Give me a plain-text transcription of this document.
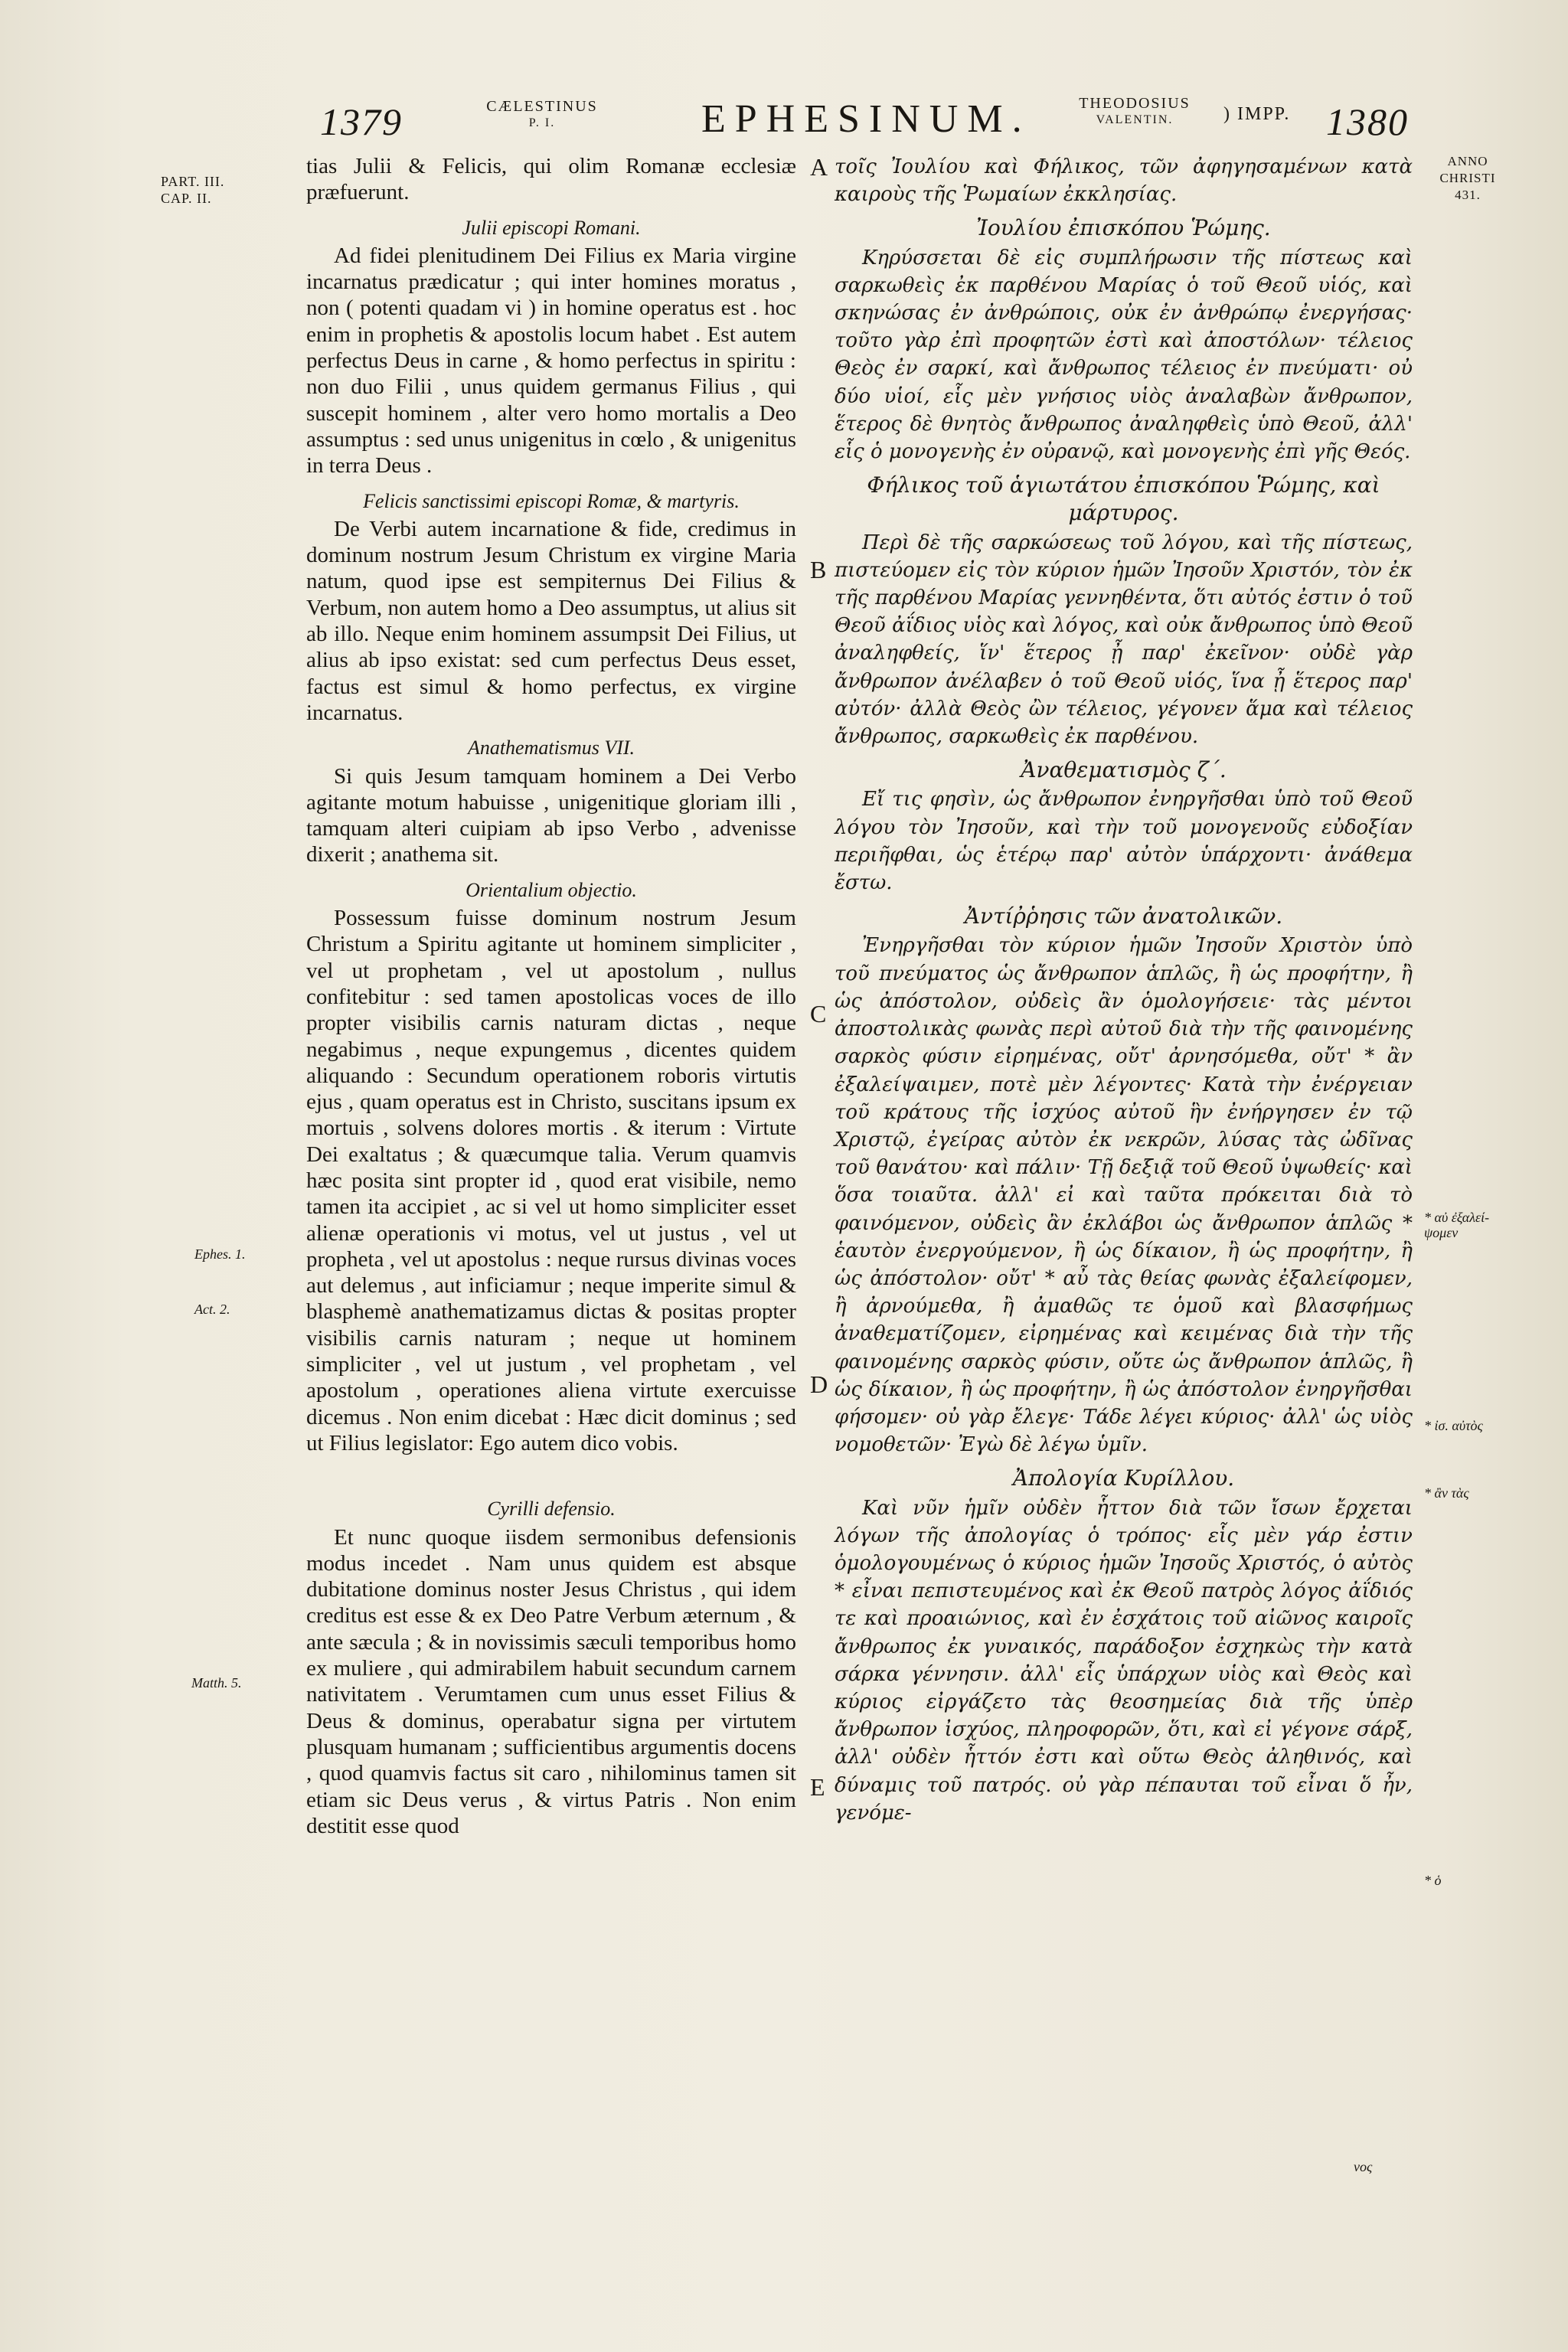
1379	CÆLESTINUS
P. I.	EPHESINUM.	THEODOSIUS
VALENTIN.	) IMPP. 1380
PART. III.
CAP. II.
ANNO
CHRISTI
431.
A
B
C
D
E
Ephes. 1.
Act. 2.
Matth. 5.
* αὐ ἐξαλεί-
ψομεν
* ἰσ. αὐτὸς
* ἂν τὰς
* ὁ

tias Julii & Felicis, qui olim Romanæ ecclesiæ præfuerunt.

Julii episcopi Romani.

Ad fidei plenitudinem Dei Filius ex Maria virgine incarnatus prædicatur ; qui inter homines moratus , non ( potenti quadam vi ) in homine operatus est . hoc enim in prophetis & apostolis locum habet . Est autem perfectus Deus in carne , & homo perfectus in spiritu : non duo Filii , unus quidem germanus Filius , qui suscepit hominem , alter vero homo mortalis a Deo assumptus : sed unus unigenitus in cœlo , & unigenitus in terra Deus .

Felicis sanctissimi episcopi Romæ, & martyris.

De Verbi autem incarnatione & fide, credimus in dominum nostrum Jesum Christum ex virgine Maria natum, quod ipse est sempiternus Dei Filius & Verbum, non autem homo a Deo assumptus, ut alius sit ab illo. Neque enim hominem assumpsit Dei Filius, ut alius ab ipso existat: sed cum perfectus Deus esset, factus est simul & homo perfectus, ex virgine incarnatus.

Anathematismus VII.

Si quis Jesum tamquam hominem a Dei Verbo agitante motum habuisse , unigenitique gloriam illi , tamquam alteri cuipiam ab ipso Verbo , advenisse dixerit ; anathema sit.

Orientalium objectio.

Possessum fuisse dominum nostrum Jesum Christum a Spiritu agitante ut hominem simpliciter , vel ut prophetam , vel ut apostolum , nullus confitebitur : sed tamen apostolicas voces de illo propter visibilis carnis naturam dictas , neque negabimus , neque expungemus , dicentes quidem aliquando : Secundum operationem roboris virtutis ejus , quam operatus est in Christo, suscitans ipsum ex mortuis , solvens dolores mortis . & iterum : Virtute Dei exaltatus ; & quæcumque talia. Verum quamvis hæc posita sint propter id , quod erat visibile, nemo tamen ita accipiet , ac si vel ut homo simpliciter esset alienæ operationis vi motus, vel ut justus , vel ut propheta , vel ut apostolus : neque rursus divinas voces aut delemus , aut inficiamur ; neque imperite simul & blasphemè anathematizamus dictas & positas propter visibilis carnis naturam ; neque ut hominem simpliciter , vel ut justum , vel prophetam , vel apostolum , operationes aliena virtute exercuisse dicemus . Non enim dicebat : Hæc dicit dominus ; sed ut Filius legislator: Ego autem dico vobis.

Cyrilli defensio.

Et nunc quoque iisdem sermonibus defensionis modus incedet . Nam unus quidem est absque dubitatione dominus noster Jesus Christus , qui idem creditus est esse & ex Deo Patre Verbum æternum , & ante sæcula ; & in novissimis sæculi temporibus homo ex muliere , qui admirabilem habuit secundum carnem nativitatem . Verumtamen cum unus esset Filius & Deus & dominus, operabatur signa per virtutem plusquam humanam ; sufficientibus argumentis docens , quod quamvis factus sit caro , nihilominus tamen sit etiam sic Deus verus , & virtus Patris . Non enim destitit esse quod

τοῖς Ἰουλίου καὶ Φήλικος, τῶν ἀφηγησαμένων κατὰ καιροὺς τῆς Ῥωμαίων ἐκκλησίας.

Ἰουλίου ἐπισκόπου Ῥώμης.

Κηρύσσεται δὲ εἰς συμπλήρωσιν τῆς πίστεως καὶ σαρκωθεὶς ἐκ παρθένου Μαρίας ὁ τοῦ Θεοῦ υἱός, καὶ σκηνώσας ἐν ἀνθρώποις, οὐκ ἐν ἀνθρώπῳ ἐνεργήσας· τοῦτο γὰρ ἐπὶ προφητῶν ἐστὶ καὶ ἀποστόλων· τέλειος Θεὸς ἐν σαρκί, καὶ ἄνθρωπος τέλειος ἐν πνεύματι· οὐ δύο υἱοί, εἷς μὲν γνήσιος υἱὸς ἀναλαβὼν ἄνθρωπον, ἕτερος δὲ θνητὸς ἄνθρωπος ἀναληφθεὶς ὑπὸ Θεοῦ, ἀλλ' εἷς ὁ μονογενὴς ἐν οὐρανῷ, καὶ μονογενὴς ἐπὶ γῆς Θεός.

Φήλικος τοῦ ἁγιωτάτου ἐπισκόπου Ῥώμης, καὶ μάρτυρος.

Περὶ δὲ τῆς σαρκώσεως τοῦ λόγου, καὶ τῆς πίστεως, πιστεύομεν εἰς τὸν κύριον ἡμῶν Ἰησοῦν Χριστόν, τὸν ἐκ τῆς παρθένου Μαρίας γεννηθέντα, ὅτι αὐτός ἐστιν ὁ τοῦ Θεοῦ ἀΐδιος υἱὸς καὶ λόγος, καὶ οὐκ ἄνθρωπος ὑπὸ Θεοῦ ἀναληφθείς, ἵν' ἕτερος ᾖ παρ' ἐκεῖνον· οὐδὲ γὰρ ἄνθρωπον ἀνέλαβεν ὁ τοῦ Θεοῦ υἱός, ἵνα ᾖ ἕτερος παρ' αὐτόν· ἀλλὰ Θεὸς ὢν τέλειος, γέγονεν ἅμα καὶ τέλειος ἄνθρωπος, σαρκωθεὶς ἐκ παρθένου.

Ἀναθεματισμὸς ζ΄.

Εἴ τις φησὶν, ὡς ἄνθρωπον ἐνηργῆσθαι ὑπὸ τοῦ Θεοῦ λόγου τὸν Ἰησοῦν, καὶ τὴν τοῦ μονογενοῦς εὐδοξίαν περιῆφθαι, ὡς ἑτέρῳ παρ' αὐτὸν ὑπάρχοντι· ἀνάθεμα ἔστω.

Ἀντίῤῥησις τῶν ἀνατολικῶν.

Ἐνηργῆσθαι τὸν κύριον ἡμῶν Ἰησοῦν Χριστὸν ὑπὸ τοῦ πνεύματος ὡς ἄνθρωπον ἁπλῶς, ἢ ὡς προφήτην, ἢ ὡς ἀπόστολον, οὐδεὶς ἂν ὁμολογήσειε· τὰς μέντοι ἀποστολικὰς φωνὰς περὶ αὐτοῦ διὰ τὴν τῆς φαινομένης σαρκὸς φύσιν εἰρημένας, οὔτ' ἀρνησόμεθα, οὔτ' * ἂν ἐξαλείψαιμεν, ποτὲ μὲν λέγοντες· Κατὰ τὴν ἐνέργειαν τοῦ κράτους τῆς ἰσχύος αὐτοῦ ἣν ἐνήργησεν ἐν τῷ Χριστῷ, ἐγείρας αὐτὸν ἐκ νεκρῶν, λύσας τὰς ὠδῖνας τοῦ θανάτου· καὶ πάλιν· Τῇ δεξιᾷ τοῦ Θεοῦ ὑψωθείς· καὶ ὅσα τοιαῦτα. ἀλλ' εἰ καὶ ταῦτα πρόκειται διὰ τὸ φαινόμενον, οὐδεὶς ἂν ἐκλάβοι ὡς ἄνθρωπον ἁπλῶς * ἑαυτὸν ἐνεργούμενον, ἢ ὡς δίκαιον, ἢ ὡς προφήτην, ἢ ὡς ἀπόστολον· οὔτ' * αὖ τὰς θείας φωνὰς ἐξαλείφομεν, ἢ ἀρνούμεθα, ἢ ἀμαθῶς τε ὁμοῦ καὶ βλασφήμως ἀναθεματίζομεν, εἰρημένας καὶ κειμένας διὰ τὴν τῆς φαινομένης σαρκὸς φύσιν, οὔτε ὡς ἄνθρωπον ἁπλῶς, ἢ ὡς δίκαιον, ἢ ὡς προφήτην, ἢ ὡς ἀπόστολον ἐνηργῆσθαι φήσομεν· οὐ γὰρ ἔλεγε· Τάδε λέγει κύριος· ἀλλ' ὡς υἱὸς νομοθετῶν· Ἐγὼ δὲ λέγω ὑμῖν.

Ἀπολογία Κυρίλλου.

Καὶ νῦν ἡμῖν οὐδὲν ἧττον διὰ τῶν ἴσων ἔρχεται λόγων τῆς ἀπολογίας ὁ τρόπος· εἷς μὲν γάρ ἐστιν ὁμολογουμένως ὁ κύριος ἡμῶν Ἰησοῦς Χριστός, ὁ αὐτὸς * εἶναι πεπιστευμένος καὶ ἐκ Θεοῦ πατρὸς λόγος ἀΐδιός τε καὶ προαιώνιος, καὶ ἐν ἐσχάτοις τοῦ αἰῶνος καιροῖς ἄνθρωπος ἐκ γυναικός, παράδοξον ἐσχηκὼς τὴν κατὰ σάρκα γέννησιν. ἀλλ' εἷς ὑπάρχων υἱὸς καὶ Θεὸς καὶ κύριος εἰργάζετο τὰς θεοσημείας διὰ τῆς ὑπὲρ ἄνθρωπον ἰσχύος, πληροφορῶν, ὅτι, καὶ εἰ γέγονε σάρξ, ἀλλ' οὐδὲν ἧττόν ἐστι καὶ οὕτω Θεὸς ἀληθινός, καὶ δύναμις τοῦ πατρός. οὐ γὰρ πέπαυται τοῦ εἶναι ὅ ἦν, γενόμε-

νος
